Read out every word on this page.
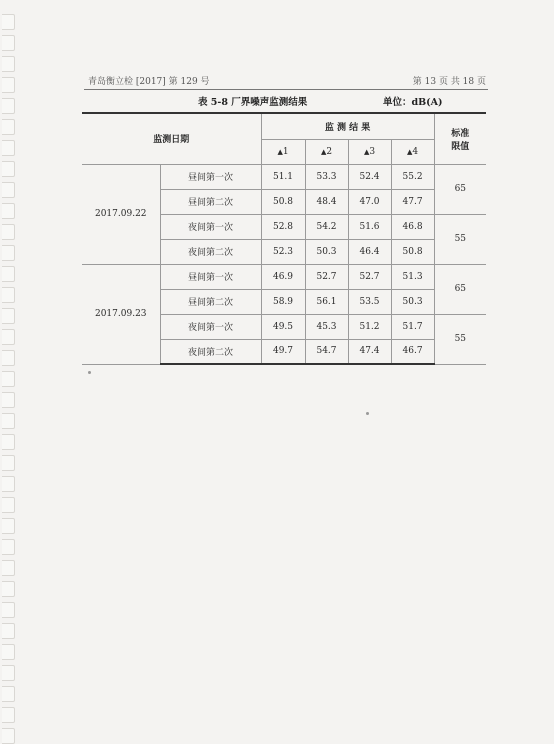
青岛衡立检 [2017] 第 129 号	第 13 页 共 18 页
表 5-8 厂界噪声监测结果	单位：dB(A)
监测日期		监 测 结 果				标准
限值

		▲1	▲2	▲3	▲4	
2017.09.22	昼间第一次	51.1	53.3	52.4	55.2	65
	昼间第二次	50.8	48.4	47.0	47.7	
	夜间第一次	52.8	54.2	51.6	46.8	55
	夜间第二次	52.3	50.3	46.4	50.8	
2017.09.23	昼间第一次	46.9	52.7	52.7	51.3	65
	昼间第二次	58.9	56.1	53.5	50.3	
	夜间第一次	49.5	45.3	51.2	51.7	55
	夜间第二次	49.7	54.7	47.4	46.7	
